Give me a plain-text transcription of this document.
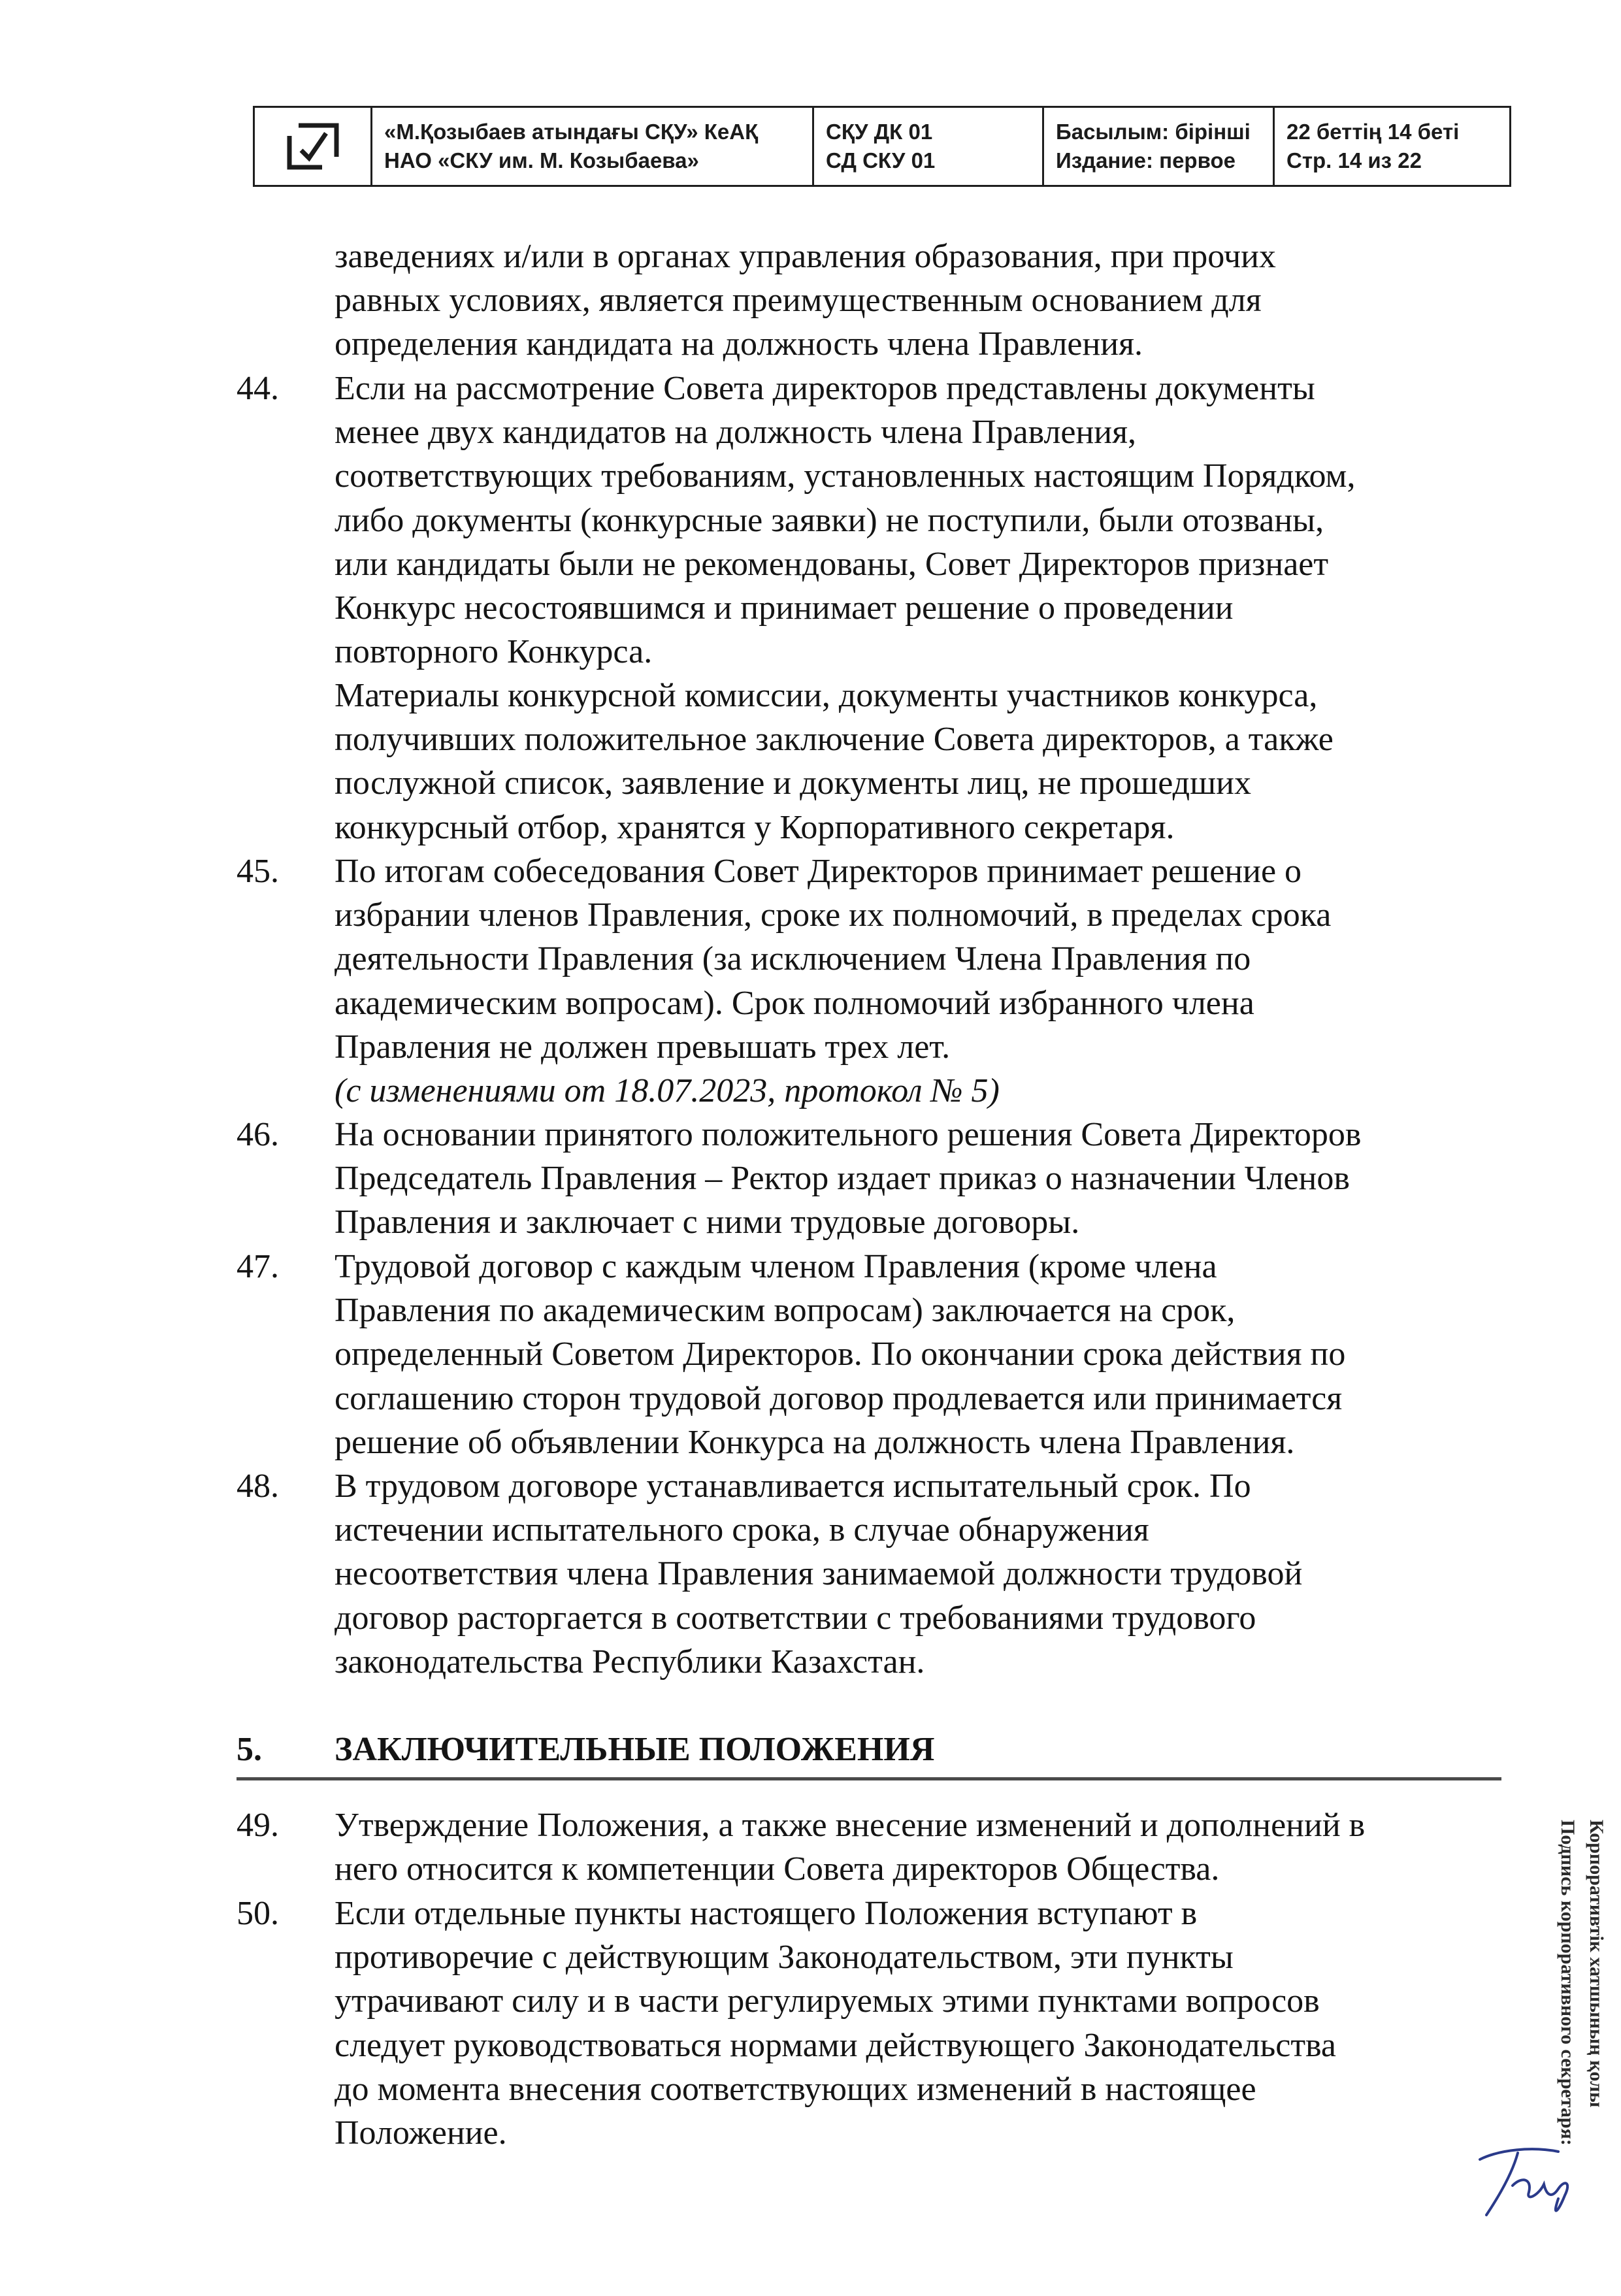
«М.Қозыбаев атындағы СҚУ» КеАҚ
НАО «СКУ им. М. Козыбаева»
СҚУ ДК 01
СД СКУ 01
Басылым: бірінші
Издание: первое
22 беттің 14 беті
Стр. 14 из 22
заведениях и/или в органах управления образования, при прочих
равных условиях, является преимущественным основанием для
определения кандидата на должность члена Правления.
44. Если на рассмотрение Совета директоров представлены документы
менее двух кандидатов на должность члена Правления,
соответствующих требованиям, установленных настоящим Порядком,
либо документы (конкурсные заявки) не поступили, были отозваны,
или кандидаты были не рекомендованы, Совет Директоров признает
Конкурс несостоявшимся и принимает решение о проведении
повторного Конкурса.
Материалы конкурсной комиссии, документы участников конкурса,
получивших положительное заключение Совета директоров, а также
послужной список, заявление и документы лиц, не прошедших
конкурсный отбор, хранятся у Корпоративного секретаря.
45. По итогам собеседования Совет Директоров принимает решение о
избрании членов Правления, сроке их полномочий, в пределах срока
деятельности Правления (за исключением Члена Правления по
академическим вопросам). Срок полномочий избранного члена
Правления не должен превышать трех лет.
(с изменениями от 18.07.2023, протокол № 5)
46. На основании принятого положительного решения Совета Директоров
Председатель Правления – Ректор издает приказ о назначении Членов
Правления и заключает с ними трудовые договоры.
47. Трудовой договор с каждым членом Правления (кроме члена
Правления по академическим вопросам) заключается на срок,
определенный Советом Директоров. По окончании срока действия по
соглашению сторон трудовой договор продлевается или принимается
решение об объявлении Конкурса на должность члена Правления.
48. В трудовом договоре устанавливается испытательный срок. По
истечении испытательного срока, в случае обнаружения
несоответствия члена Правления занимаемой должности трудовой
договор расторгается в соответствии с требованиями трудового
законодательства Республики Казахстан.
5. ЗАКЛЮЧИТЕЛЬНЫЕ ПОЛОЖЕНИЯ
49. Утверждение Положения, а также внесение изменений и дополнений в
него относится к компетенции Совета директоров Общества.
50. Если отдельные пункты настоящего Положения вступают в
противоречие с действующим Законодательством, эти пункты
утрачивают силу и в части регулируемых этими пунктами вопросов
следует руководствоваться нормами действующего Законодательства
до момента внесения соответствующих изменений в настоящее
Положение.
Корпоративтік хатшының қолы
Подпись корпоративного секретаря:
